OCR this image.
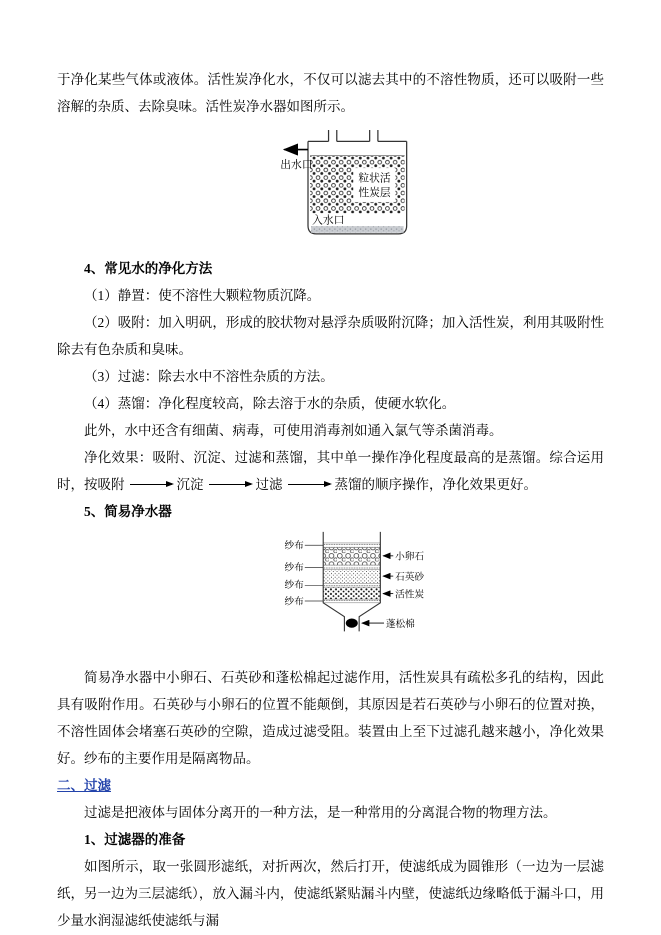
于净化某些气体或液体。活性炭净化水，不仅可以滤去其中的不溶性物质，还可以吸附一些溶解的杂质、去除臭味。活性炭净水器如图所示。

出水口
粒状活
性炭层
入水口

4、常见水的净化方法

（1）静置：使不溶性大颗粒物质沉降。

（2）吸附：加入明矾，形成的胶状物对悬浮杂质吸附沉降；加入活性炭，利用其吸附性除去有色杂质和臭味。

（3）过滤：除去水中不溶性杂质的方法。

（4）蒸馏：净化程度较高，除去溶于水的杂质，使硬水软化。

此外，水中还含有细菌、病毒，可使用消毒剂如通入氯气等杀菌消毒。

净化效果：吸附、沉淀、过滤和蒸馏，其中单一操作净化程度最高的是蒸馏。综合运用时，按吸附	沉淀	过滤	蒸馏的顺序操作，净化效果更好。

5、简易净水器

纱布
纱布
纱布
纱布
小卵石
石英砂
活性炭
蓬松棉

简易净水器中小卵石、石英砂和蓬松棉起过滤作用，活性炭具有疏松多孔的结构，因此具有吸附作用。石英砂与小卵石的位置不能颠倒，其原因是若石英砂与小卵石的位置对换，不溶性固体会堵塞石英砂的空隙，造成过滤受阻。装置由上至下过滤孔越来越小，净化效果好。纱布的主要作用是隔离物品。

二、过滤

过滤是把液体与固体分离开的一种方法，是一种常用的分离混合物的物理方法。

1、过滤器的准备

如图所示，取一张圆形滤纸，对折两次，然后打开，使滤纸成为圆锥形（一边为一层滤纸，另一边为三层滤纸），放入漏斗内，使滤纸紧贴漏斗内壁，使滤纸边缘略低于漏斗口，用少量水润湿滤纸使滤纸与漏
